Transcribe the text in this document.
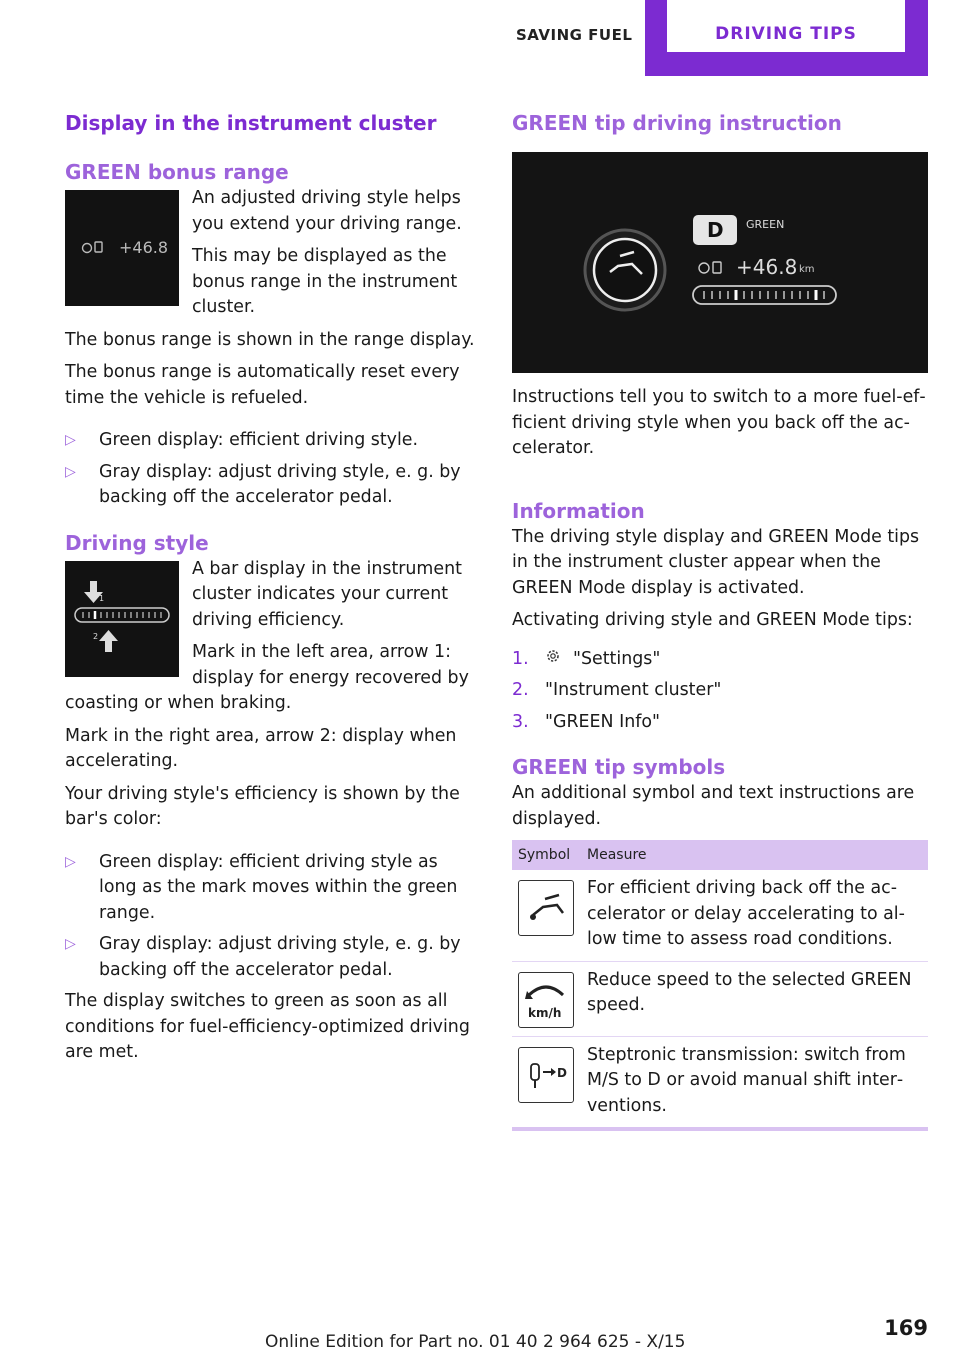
SAVING FUEL	DRIVING TIPS
Display in the instrument cluster
GREEN bonus range
+46.8

An adjusted driving style helps you extend your driving range.

This may be displayed as the bonus range in the instrument cluster.

The bonus range is shown in the range display.

The bonus range is automatically reset every time the vehicle is refueled.

▷ Green display: efficient driving style.
▷ Gray display: adjust driving style, e. g. by backing off the accelerator pedal.
Driving style
1
2

A bar display in the instrument cluster indicates your current driving efficiency.

Mark in the left area, arrow 1: display for energy recovered by coasting or when braking.

Mark in the right area, arrow 2: display when accelerating.

Your driving style's efficiency is shown by the bar's color:

▷ Green display: efficient driving style as long as the mark moves within the green range.
▷ Gray display: adjust driving style, e. g. by backing off the accelerator pedal.

The display switches to green as soon as all conditions for fuel-efficiency-optimized driving are met.

GREEN tip driving instruction
D GREEN
+46.8 km

Instructions tell you to switch to a more fuel-efficient driving style when you back off the accelerator.

Information

The driving style display and GREEN Mode tips in the instrument cluster appear when the GREEN Mode display is activated.

Activating driving style and GREEN Mode tips:

1.	"Settings"
2. "Instrument cluster"
3. "GREEN Info"
GREEN tip symbols

An additional symbol and text instructions are displayed.

Symbol	Measure

	For efficient driving back off the accelerator or delay accelerating to allow time to assess road conditions.

km/h	Reduce speed to the selected GREEN speed.

D	Steptronic transmission: switch from M/S to D or avoid manual shift interventions.
169
Online Edition for Part no. 01 40 2 964 625 - X/15
